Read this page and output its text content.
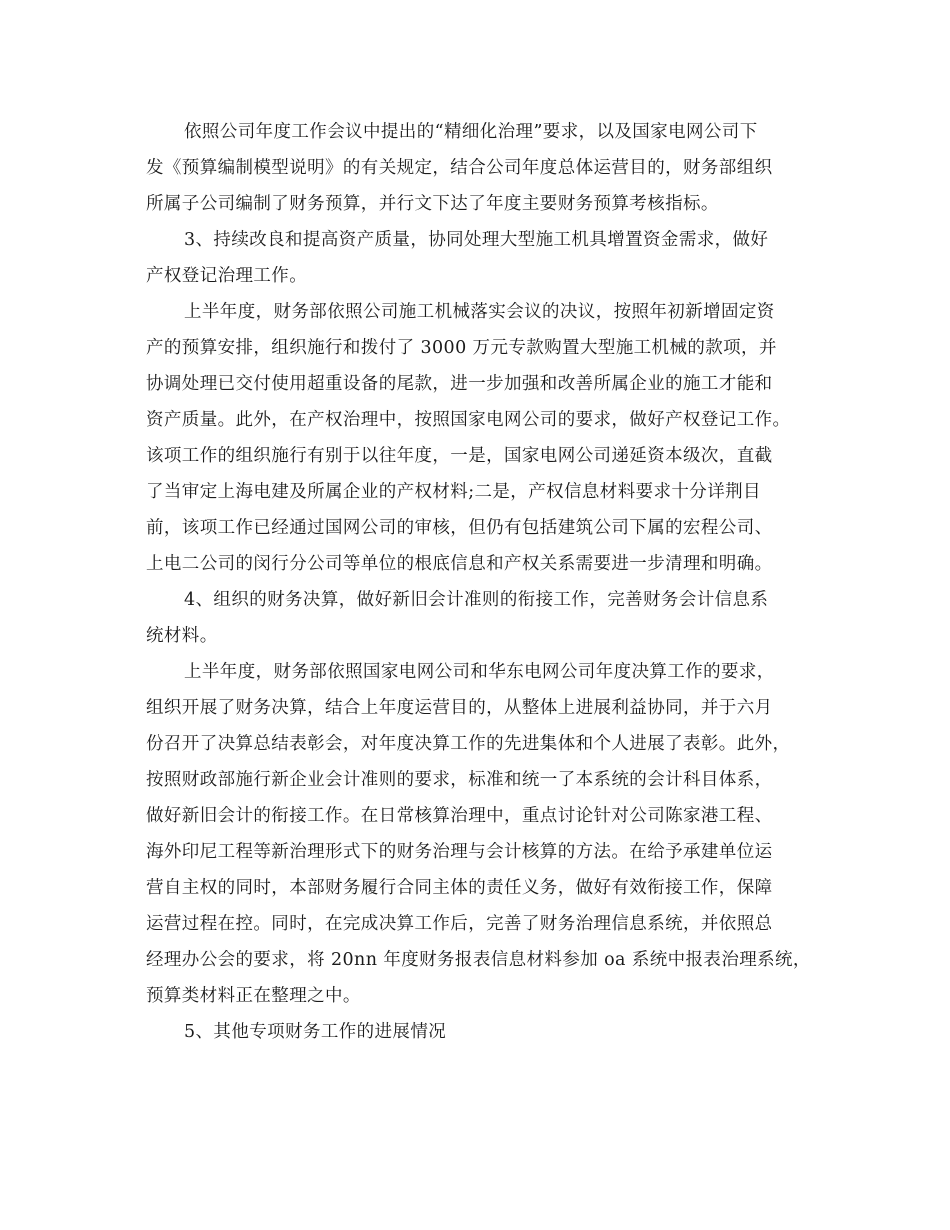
依照公司年度工作会议中提出的“精细化治理”要求，以及国家电网公司下

发《预算编制模型说明》的有关规定，结合公司年度总体运营目的，财务部组织

所属子公司编制了财务预算，并行文下达了年度主要财务预算考核指标。

3、持续改良和提高资产质量，协同处理大型施工机具增置资金需求，做好

产权登记治理工作。

上半年度，财务部依照公司施工机械落实会议的决议，按照年初新增固定资

产的预算安排，组织施行和拨付了 3000 万元专款购置大型施工机械的款项，并

协调处理已交付使用超重设备的尾款，进一步加强和改善所属企业的施工才能和

资产质量。此外，在产权治理中，按照国家电网公司的要求，做好产权登记工作。

该项工作的组织施行有别于以往年度，一是，国家电网公司递延资本级次，直截

了当审定上海电建及所属企业的产权材料;二是，产权信息材料要求十分详荆目

前，该项工作已经通过国网公司的审核，但仍有包括建筑公司下属的宏程公司、

上电二公司的闵行分公司等单位的根底信息和产权关系需要进一步清理和明确。

4、组织的财务决算，做好新旧会计准则的衔接工作，完善财务会计信息系

统材料。

上半年度，财务部依照国家电网公司和华东电网公司年度决算工作的要求，

组织开展了财务决算，结合上年度运营目的，从整体上进展利益协同，并于六月

份召开了决算总结表彰会，对年度决算工作的先进集体和个人进展了表彰。此外，

按照财政部施行新企业会计准则的要求，标准和统一了本系统的会计科目体系，

做好新旧会计的衔接工作。在日常核算治理中，重点讨论针对公司陈家港工程、

海外印尼工程等新治理形式下的财务治理与会计核算的方法。在给予承建单位运

营自主权的同时，本部财务履行合同主体的责任义务，做好有效衔接工作，保障

运营过程在控。同时，在完成决算工作后，完善了财务治理信息系统，并依照总

经理办公会的要求，将 20nn 年度财务报表信息材料参加 oa 系统中报表治理系统，

预算类材料正在整理之中。

5、其他专项财务工作的进展情况
